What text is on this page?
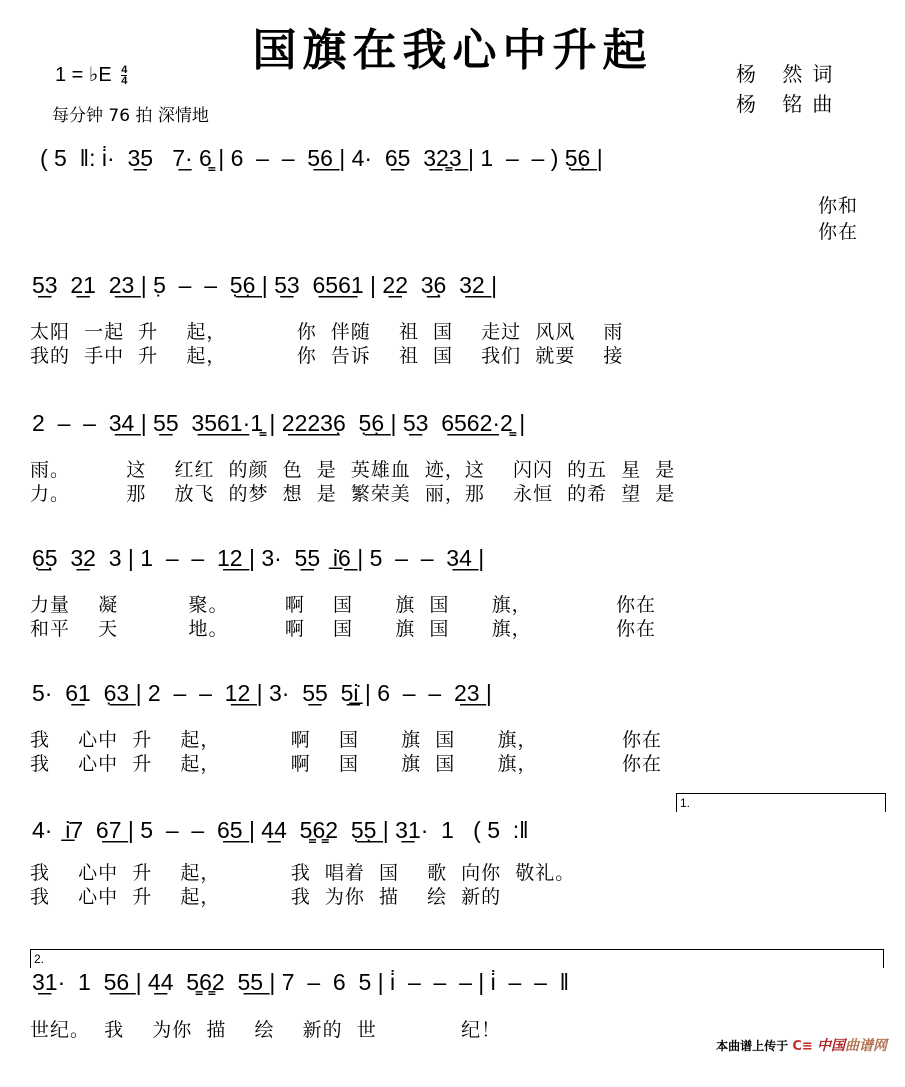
国旗在我心中升起
1 = ♭E $\frac{4}{4}$
每分钟 76 拍 深情地
杨 然词
杨 铭曲
( 5  ‖: i̇·  3̲5   7̲· 6̳ | 6  –  –  5̲6̲ | 4·  6̲5  3̲2̳3̲ | 1  –  – ) 5̣̲6̣̲ |
你和
你在
5̲3  2̲1  2̲3̲ | 5̣  –  –  5̣̲6̣̲ | 5̲3  6̲5̲6̲1 | 2̲2  3̲6̣  3̲2̲ |
太阳  一起  升    起，          你  伴随    祖  国    走过  风风    雨
我的  手中  升    起，          你  告诉    祖  国    我们  就要    接
2  –  –  3̲4̲ | 5̲5  3̲5̲6̲1̲·1̳ | 2̲2̲2̲3̲6̣  5̣̲6̣̲ | 5̲3  6̲5̲6̲2̲·2̳ |
雨。        这    红红  的颜  色  是  英雄血  迹，这    闪闪  的五  星  是
力。        那    放飞  的梦  想  是  繁荣美  丽，那    永恒  的希  望  是
6̣̲5̣  3̲2  3 | 1  –  –  1̲2̲ | 3·  5̲5  i̲̇6̲ | 5  –  –  3̲4̲ |
力量    凝          聚。        啊    国      旗  国      旗，            你在
和平    天          地。        啊    国      旗  国      旗，            你在
5·  6̲1  6̣̲3̲ | 2  –  –  1̲2̲ | 3·  5̲5  5̲i̲̇ | 6  –  –  2̲3̲ |
我    心中  升    起，          啊    国      旗  国      旗，            你在
我    心中  升    起，          啊    国      旗  国      旗，            你在
1.
4·  i̲̇7  6̲7̲ | 5  –  –  6̲5̲ | 4̲4  5̳6̳2  5̣̲5̣̲ | 3̲1·  1   ( 5  :‖
我    心中  升    起，          我  唱着  国    歌  向你  敬礼。
我    心中  升    起，          我  为你  描    绘  新的
2.
3̲1·  1  5̲6̲ | 4̲4  5̳6̳2  5̲5̲ | 7  –  6  5 | i̇  –  –  – | i̇  –  –  ‖
世纪。  我    为你  描    绘    新的  世            纪！
本曲谱上传于 C≡ 中国曲谱网
